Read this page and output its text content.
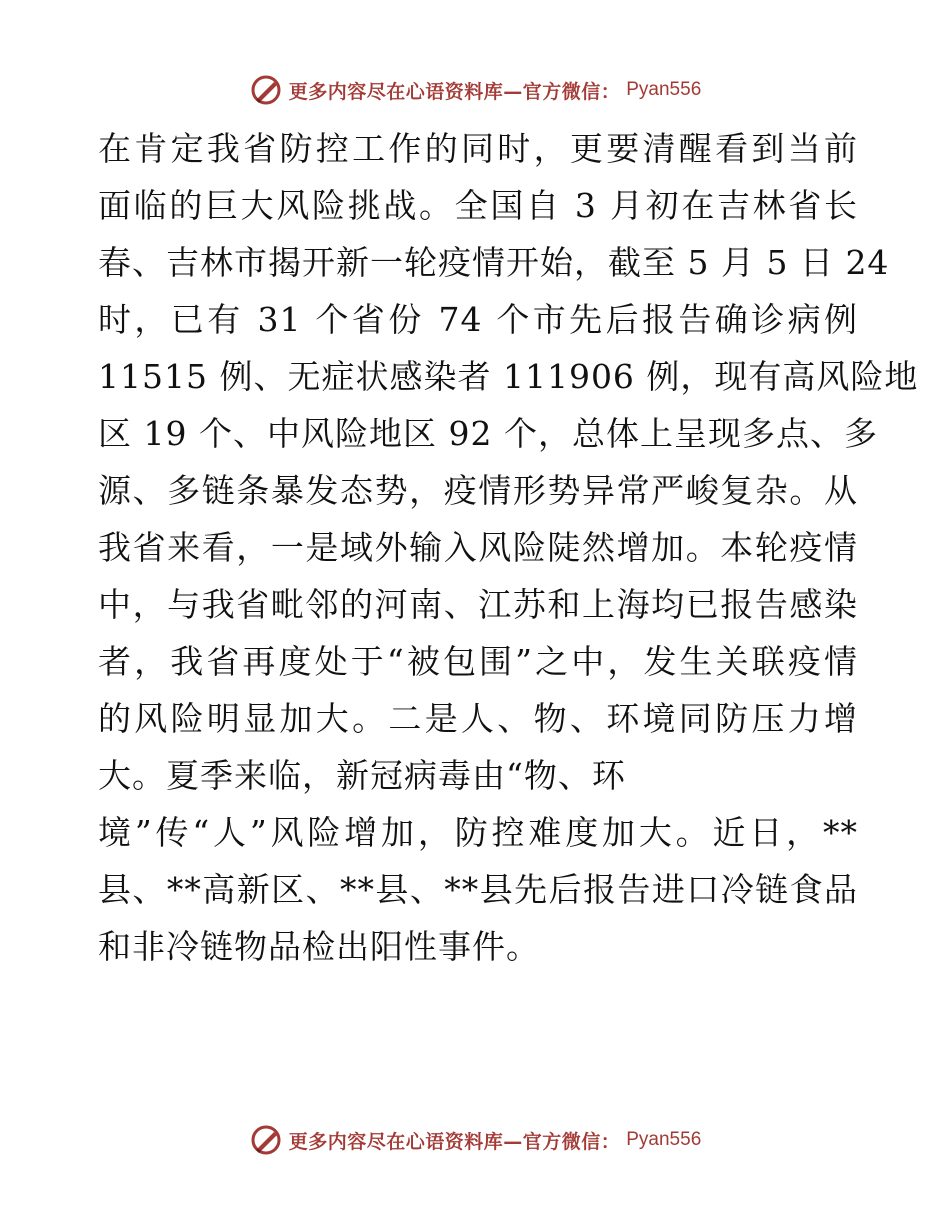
更多内容尽在心语资料库—官方微信： Pyan556
在肯定我省防控工作的同时，更要清醒看到当前
面临的巨大风险挑战。全国自 3 月初在吉林省长
春、吉林市揭开新一轮疫情开始，截至 5 月 5 日 24
时，已有 31 个省份 74 个市先后报告确诊病例
11515 例、无症状感染者 111906 例，现有高风险地
区 19 个、中风险地区 92 个，总体上呈现多点、多
源、多链条暴发态势，疫情形势异常严峻复杂。从
我省来看，一是域外输入风险陡然增加。本轮疫情
中，与我省毗邻的河南、江苏和上海均已报告感染
者，我省再度处于“被包围”之中，发生关联疫情
的风险明显加大。二是人、物、环境同防压力增
大。夏季来临，新冠病毒由“物、环
境”传“人”风险增加，防控难度加大。近日，**
县、**高新区、**县、**县先后报告进口冷链食品
和非冷链物品检出阳性事件。
更多内容尽在心语资料库—官方微信： Pyan556
